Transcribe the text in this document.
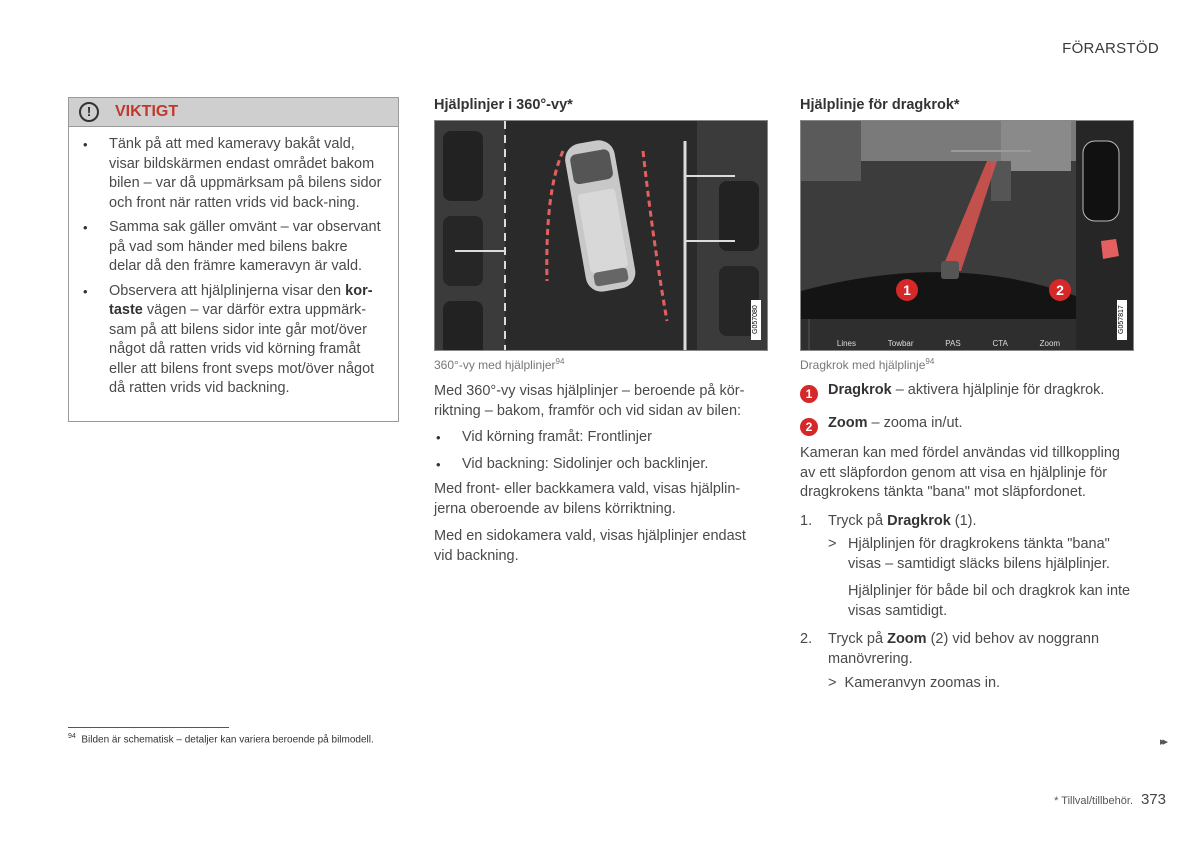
FÖRARSTÖD
!	VIKTIGT
• Tänk på att med kameravy bakåt vald, visar bildskärmen endast området bakom bilen – var då uppmärksam på bilens sidor och front när ratten vrids vid back-ning.
• Samma sak gäller omvänt – var observant på vad som händer med bilens bakre delar då den främre kameravyn är vald.
• Observera att hjälplinjerna visar den kor-taste vägen – var därför extra uppmärk-sam på att bilens sidor inte går mot/över något då ratten vrids vid körning framåt eller att bilens front sveps mot/över något då ratten vrids vid backning.
Hjälplinjer i 360°-vy*
G057080
360°-vy med hjälplinjer$^{94}$
Med 360°-vy visas hjälplinjer – beroende på kör-riktning – bakom, framför och vid sidan av bilen:
• Vid körning framåt: Frontlinjer
• Vid backning: Sidolinjer och backlinjer.
Med front- eller backkamera vald, visas hjälplin-jerna oberoende av bilens körriktning.
Med en sidokamera vald, visas hjälplinjer endast vid backning.
Hjälplinje för dragkrok*
Lines	Towbar	PAS	CTA	Zoom
1	2
G057817
Dragkrok med hjälplinje$^{94}$
1 Dragkrok – aktivera hjälplinje för dragkrok.
2 Zoom – zooma in/ut.
Kameran kan med fördel användas vid tillkoppling av ett släpfordon genom att visa en hjälplinje för dragkrokens tänkta "bana" mot släpfordonet.
1. Tryck på Dragkrok (1).
> Hjälplinjen för dragkrokens tänkta "bana" visas – samtidigt släcks bilens hjälplinjer.
Hjälplinjer för både bil och dragkrok kan inte visas samtidigt.
2. Tryck på Zoom (2) vid behov av noggrann
manövrering.
> Kameranvyn zoomas in.
$^{94}$ Bilden är schematisk – detaljer kan variera beroende på bilmodell.	▸▸
* Tillval/tillbehör. 373
